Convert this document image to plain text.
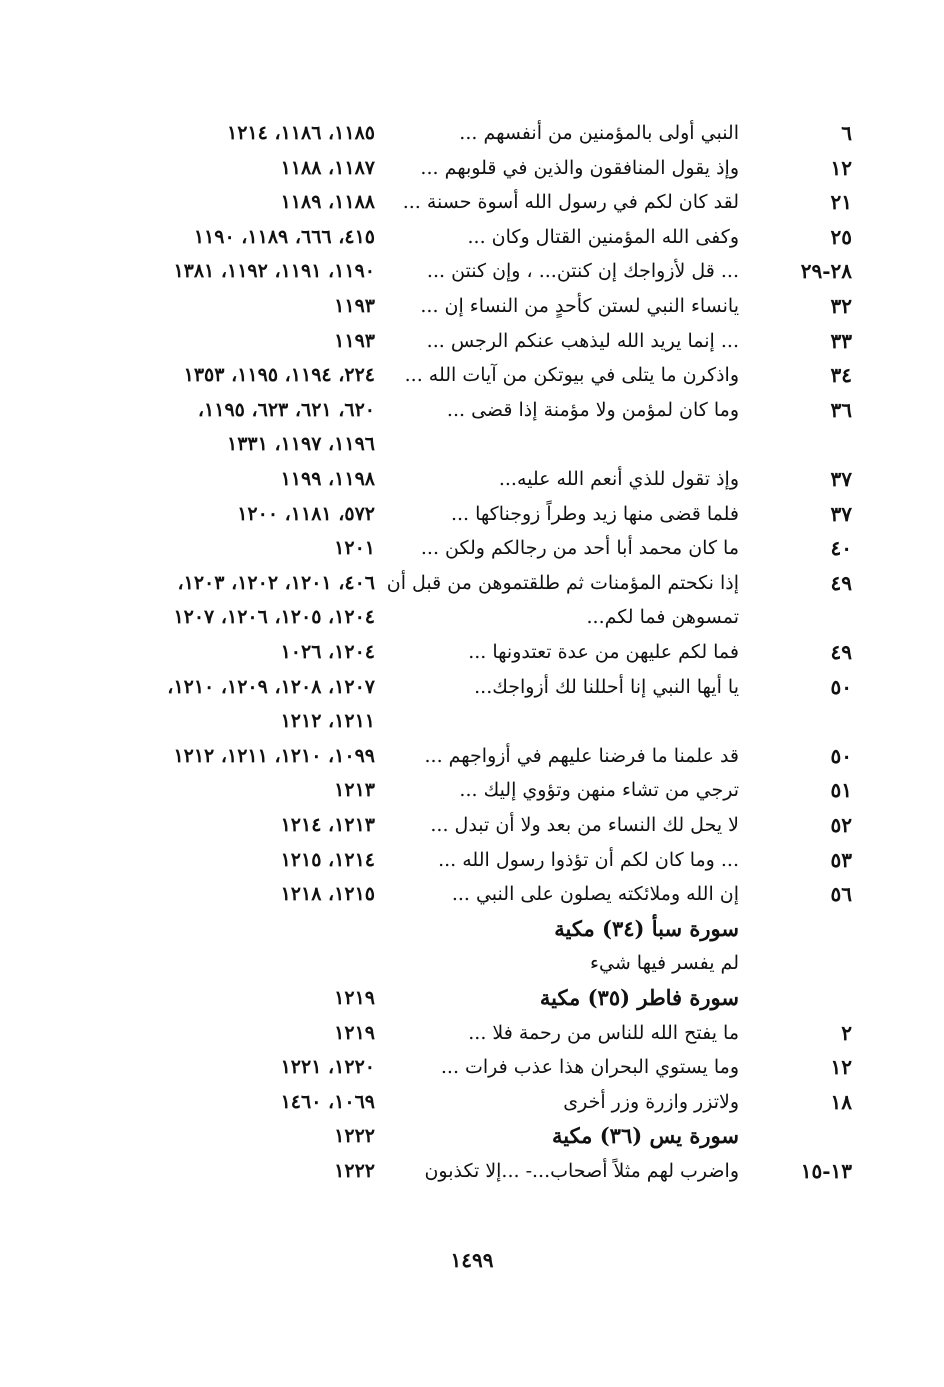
٦
النبي أولى بالمؤمنين من أنفسهم ...
١١٨٥، ١١٨٦، ١٢١٤
١٢
وإذ يقول المنافقون والذين في قلوبهم ...
١١٨٧، ١١٨٨
٢١
لقد كان لكم في رسول الله أسوة حسنة ...
١١٨٨، ١١٨٩
٢٥
وكفى الله المؤمنين القتال وكان ...
٤١٥، ٦٦٦، ١١٨٩، ١١٩٠
٢٨-٢٩
... قل لأزواجك إن كنتن... ، وإن كنتن ...
١١٩٠، ١١٩١، ١١٩٢، ١٣٨١
٣٢
يانساء النبي لستن كأحدٍ من النساء إن ...
١١٩٣
٣٣
... إنما يريد الله ليذهب عنكم الرجس ...
١١٩٣
٣٤
واذكرن ما يتلى في بيوتكن من آيات الله ...
٢٢٤، ١١٩٤، ١١٩٥، ١٣٥٣
٣٦
وما كان لمؤمن ولا مؤمنة إذا قضى ...
٦٢٠، ٦٢١، ٦٢٣، ١١٩٥،
١١٩٦، ١١٩٧، ١٣٣١
٣٧
وإذ تقول للذي أنعم الله عليه...
١١٩٨، ١١٩٩
٣٧
فلما قضى منها زيد وطراً زوجناكها ...
٥٧٢، ١١٨١، ١٢٠٠
٤٠
ما كان محمد أبا أحد من رجالكم ولكن ...
١٢٠١
٤٩
إذا نكحتم المؤمنات ثم طلقتموهن من قبل أن
٤٠٦، ١٢٠١، ١٢٠٢، ١٢٠٣،
تمسوهن فما لكم...
١٢٠٤، ١٢٠٥، ١٢٠٦، ١٢٠٧
٤٩
فما لكم عليهن من عدة تعتدونها ...
١٢٠٤، ١٠٢٦
٥٠
يا أيها النبي إنا أحللنا لك أزواجك...
١٢٠٧، ١٢٠٨، ١٢٠٩، ١٢١٠،
١٢١١، ١٢١٢
٥٠
قد علمنا ما فرضنا عليهم في أزواجهم ...
١٠٩٩، ١٢١٠، ١٢١١، ١٢١٢
٥١
ترجي من تشاء منهن وتؤوي إليك ...
١٢١٣
٥٢
لا يحل لك النساء من بعد ولا أن تبدل ...
١٢١٣، ١٢١٤
٥٣
... وما كان لكم أن تؤذوا رسول الله ...
١٢١٤، ١٢١٥
٥٦
إن الله وملائكته يصلون على النبي ...
١٢١٥، ١٢١٨
سورة سبأ (٣٤) مكية
لم يفسر فيها شيء
سورة فاطر (٣٥) مكية
١٢١٩
٢
ما يفتح الله للناس من رحمة فلا ...
١٢١٩
١٢
وما يستوي البحران هذا عذب فرات ...
١٢٢٠، ١٢٢١
١٨
ولاتزر وازرة وزر أخرى
١٠٦٩، ١٤٦٠
سورة يس (٣٦) مكية
١٢٢٢
١٣-١٥
واضرب لهم مثلاً أصحاب...- ...إلا تكذبون
١٢٢٢
١٤٩٩
